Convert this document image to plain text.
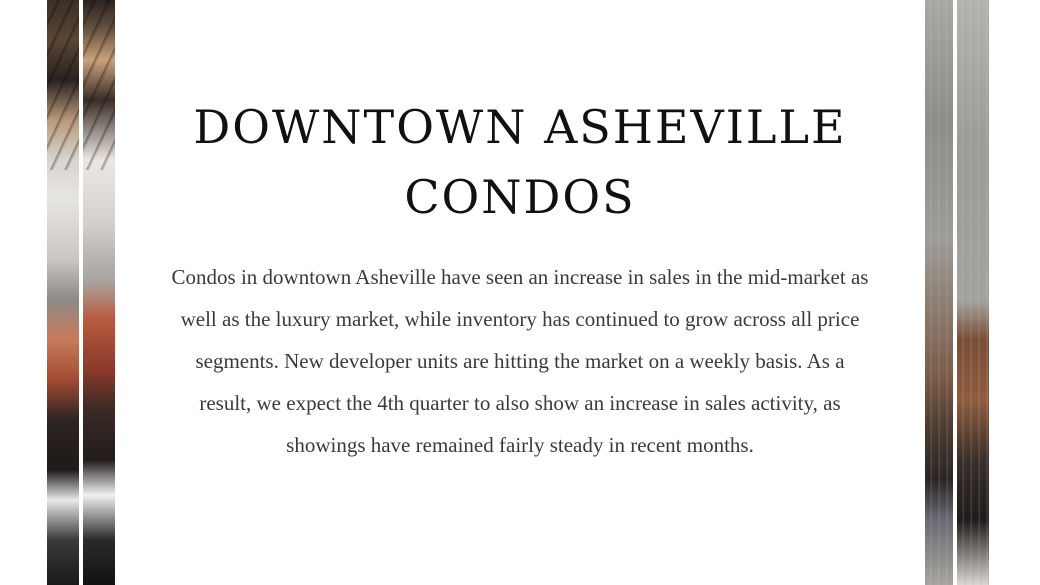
DOWNTOWN ASHEVILLE
CONDOS

Condos in downtown Asheville have seen an increase in sales in the mid-market as well as the luxury market, while inventory has continued to grow across all price segments. New developer units are hitting the market on a weekly basis. As a result, we expect the 4th quarter to also show an increase in sales activity, as showings have remained fairly steady in recent months.
